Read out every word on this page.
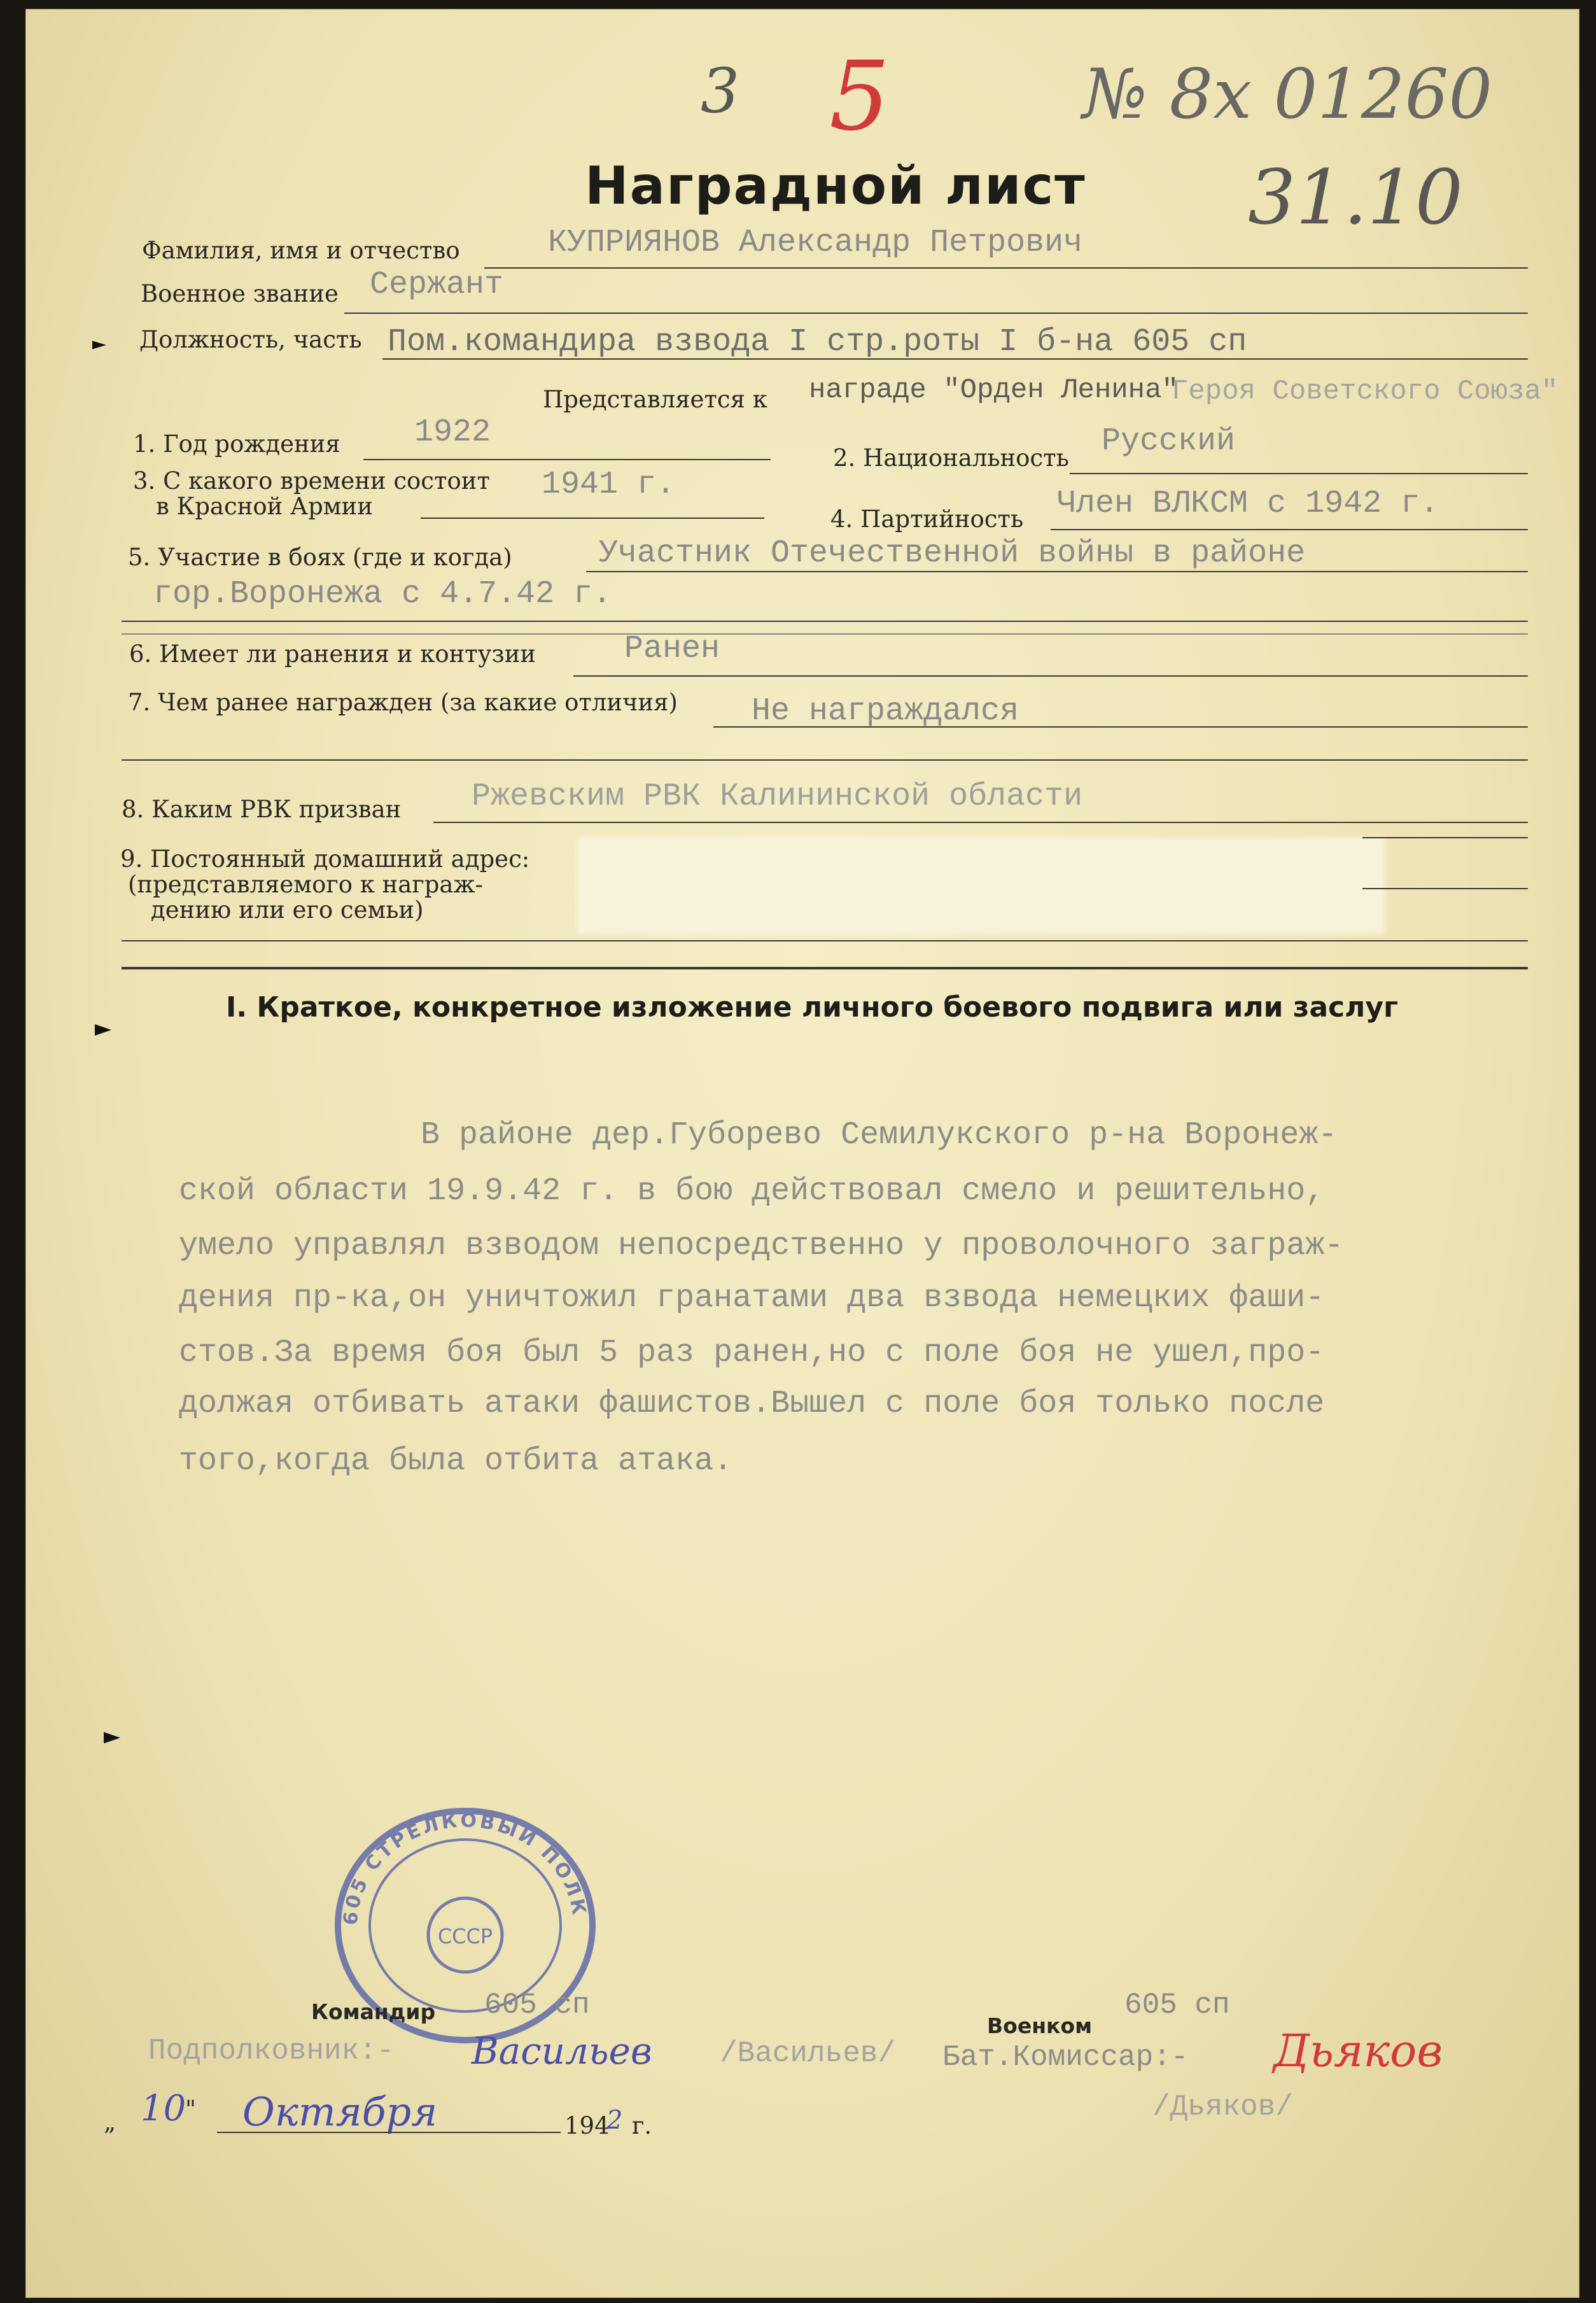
3 5	№ 8х 01260
31.10
Наградной лист
Фамилия, имя и отчество	КУПРИЯНОВ Александр Петрович
Военное звание Сержант
Должность, часть Пом.командира взвода I стр.роты I б-на 605 сп
Представляется к награде "Орден Ленина"
Героя Советского Союза"
1. Год рождения 1922
2. Национальность Русский
3. С какого времени состоит
в Красной Армии
1941 г.
4. Партийность Член ВЛКСМ с 1942 г.
5. Участие в боях (где и когда)	Участник Отечественной войны в районе
гор.Воронежа с 4.7.42 г.
6. Имеет ли ранения и контузии	Ранен
7. Чем ранее награжден (за какие отличия) Не награждался
8. Каким РВК призван Ржевским РВК Калининской области
9. Постоянный домашний адрес:
(представляемого к награж-
дению или его семьи)
I. Краткое, конкретное изложение личного боевого подвига или заслуг
В районе дер.Губорево Семилукского р-на Воронеж-
ской области 19.9.42 г. в бою действовал смело и решительно,
умело управлял взводом непосредственно у проволочного заграж-
дения пр-ка,он уничтожил гранатами два взвода немецких фаши-
стов.За время боя был 5 раз ранен,но с поле боя не ушел,про-
должая отбивать атаки фашистов.Вышел с поле боя только после
того,когда была отбита атака.
605 СТРЕЛКОВЫЙ ПОЛК
СССР
Командир 605 сп
Подполковник:- Васильев /Васильев/
Военком
605 сп
Бат.Комиссар:- Дьяков
/Дьяков/
„ 10
" Октября	194
2 г.
